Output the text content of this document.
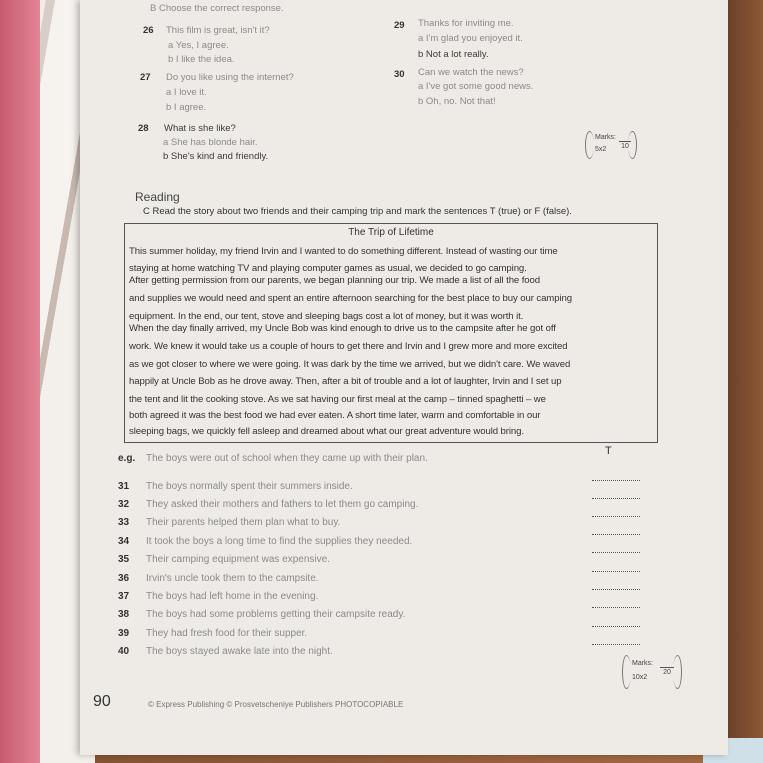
B Choose the correct response.
26 This film is great, isn't it?
a Yes, I agree.
b I like the idea.
27 Do you like using the internet?
a I love it.
b I agree.
28 What is she like?
a She has blonde hair.
b She's kind and friendly.
29 Thanks for inviting me.
a I'm glad you enjoyed it.
b Not a lot really.
30 Can we watch the news?
a I've got some good news.
b Oh, no. Not that!
Marks:
5x2 10
Reading
C Read the story about two friends and their camping trip and mark the sentences T (true) or F (false).
The Trip of Lifetime
This summer holiday, my friend Irvin and I wanted to do something different. Instead of wasting our time
staying at home watching TV and playing computer games as usual, we decided to go camping.
After getting permission from our parents, we began planning our trip. We made a list of all the food
and supplies we would need and spent an entire afternoon searching for the best place to buy our camping
equipment. In the end, our tent, stove and sleeping bags cost a lot of money, but it was worth it.
When the day finally arrived, my Uncle Bob was kind enough to drive us to the campsite after he got off
work. We knew it would take us a couple of hours to get there and Irvin and I grew more and more excited
as we got closer to where we were going. It was dark by the time we arrived, but we didn't care. We waved
happily at Uncle Bob as he drove away. Then, after a bit of trouble and a lot of laughter, Irvin and I set up
the tent and lit the cooking stove. As we sat having our first meal at the camp – tinned spaghetti – we
both agreed it was the best food we had ever eaten. A short time later, warm and comfortable in our
sleeping bags, we quickly fell asleep and dreamed about what our great adventure would bring.
e.g. The boys were out of school when they came up with their plan.
T
31 The boys normally spent their summers inside.
32 They asked their mothers and fathers to let them go camping.
33 Their parents helped them plan what to buy.
34 It took the boys a long time to find the supplies they needed.
35 Their camping equipment was expensive.
36 Irvin's uncle took them to the campsite.
37 The boys had left home in the evening.
38 The boys had some problems getting their campsite ready.
39 They had fresh food for their supper.
40 The boys stayed awake late into the night.
Marks:
10x2
20
90	© Express Publishing © Prosvetscheniye Publishers PHOTOCOPIABLE
